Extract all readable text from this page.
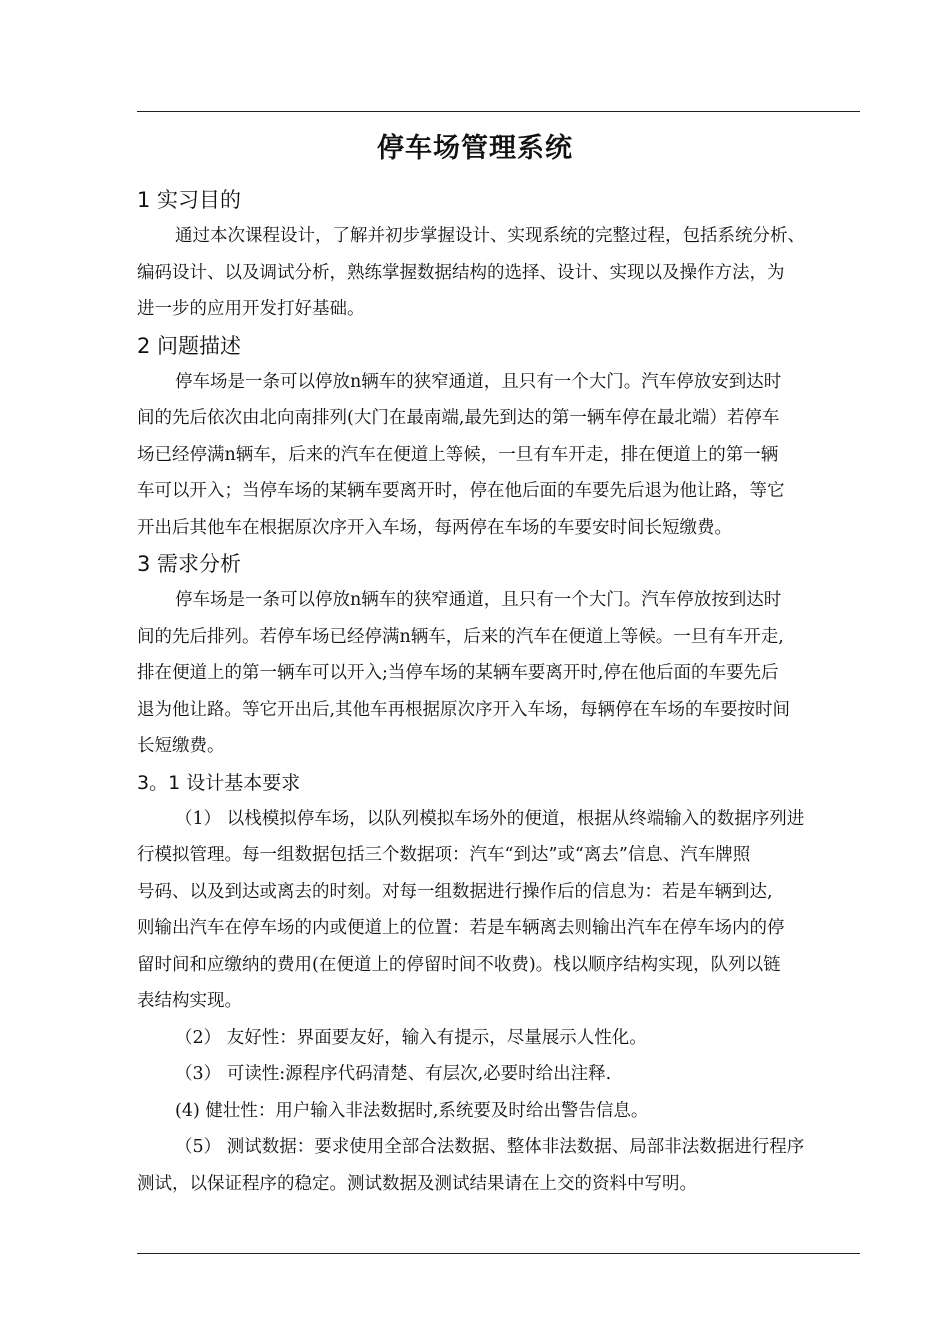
停车场管理系统
1 实习目的
通过本次课程设计，了解并初步掌握设计、实现系统的完整过程，包括系统分析、
编码设计、以及调试分析，熟练掌握数据结构的选择、设计、实现以及操作方法，为
进一步的应用开发打好基础。
2 问题描述
停车场是一条可以停放n辆车的狭窄通道，且只有一个大门。汽车停放安到达时
间的先后依次由北向南排列(大门在最南端,最先到达的第一辆车停在最北端）若停车
场已经停满n辆车，后来的汽车在便道上等候，一旦有车开走，排在便道上的第一辆
车可以开入；当停车场的某辆车要离开时，停在他后面的车要先后退为他让路，等它
开出后其他车在根据原次序开入车场，每两停在车场的车要安时间长短缴费。
3 需求分析
停车场是一条可以停放n辆车的狭窄通道，且只有一个大门。汽车停放按到达时
间的先后排列。若停车场已经停满n辆车，后来的汽车在便道上等候。一旦有车开走,
排在便道上的第一辆车可以开入;当停车场的某辆车要离开时,停在他后面的车要先后
退为他让路。等它开出后,其他车再根据原次序开入车场，每辆停在车场的车要按时间
长短缴费。
3。1 设计基本要求
（1） 以栈模拟停车场，以队列模拟车场外的便道，根据从终端输入的数据序列进
行模拟管理。每一组数据包括三个数据项：汽车“到达”或“离去”信息、汽车牌照
号码、以及到达或离去的时刻。对每一组数据进行操作后的信息为：若是车辆到达,
则输出汽车在停车场的内或便道上的位置：若是车辆离去则输出汽车在停车场内的停
留时间和应缴纳的费用(在便道上的停留时间不收费)。栈以顺序结构实现，队列以链
表结构实现。
（2） 友好性：界面要友好，输入有提示，尽量展示人性化。
（3） 可读性:源程序代码清楚、有层次,必要时给出注释.
(4) 健壮性：用户输入非法数据时,系统要及时给出警告信息。
（5） 测试数据：要求使用全部合法数据、整体非法数据、局部非法数据进行程序
测试，以保证程序的稳定。测试数据及测试结果请在上交的资料中写明。
